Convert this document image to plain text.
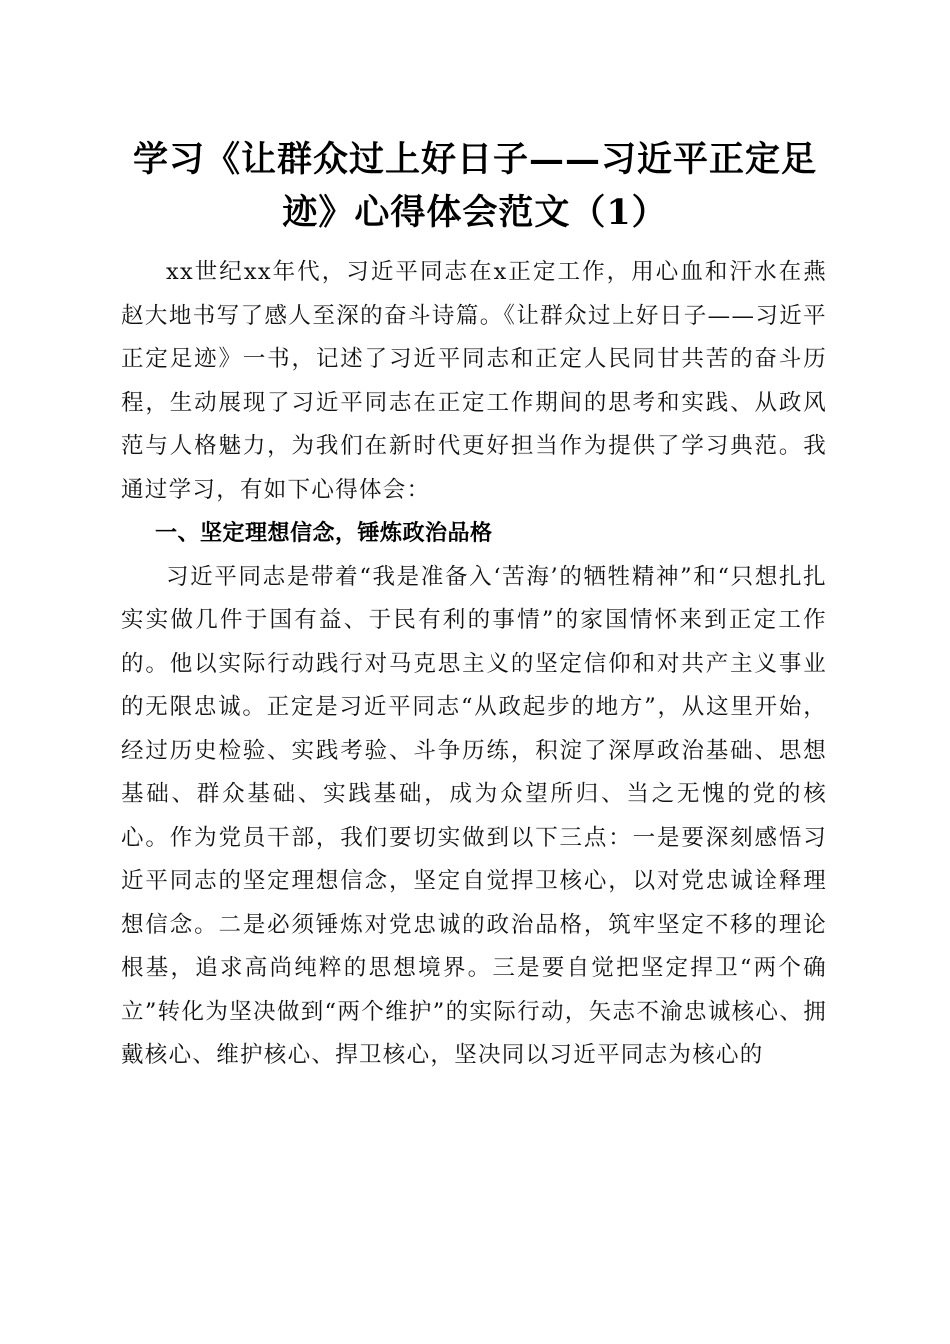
学习《让群众过上好日子——习近平正定足
迹》心得体会范文（1）

xx世纪xx年代，习近平同志在x正定工作，用心血和汗水在燕赵大地书写了感人至深的奋斗诗篇。《让群众过上好日子——习近平正定足迹》一书，记述了习近平同志和正定人民同甘共苦的奋斗历程，生动展现了习近平同志在正定工作期间的思考和实践、从政风范与人格魅力，为我们在新时代更好担当作为提供了学习典范。我通过学习，有如下心得体会：

一、坚定理想信念，锤炼政治品格

习近平同志是带着“我是准备入‘苦海’的牺牲精神”和“只想扎扎实实做几件于国有益、于民有利的事情”的家国情怀来到正定工作的。他以实际行动践行对马克思主义的坚定信仰和对共产主义事业的无限忠诚。正定是习近平同志“从政起步的地方”，从这里开始，经过历史检验、实践考验、斗争历练，积淀了深厚政治基础、思想基础、群众基础、实践基础，成为众望所归、当之无愧的党的核心。作为党员干部，我们要切实做到以下三点：一是要深刻感悟习近平同志的坚定理想信念，坚定自觉捍卫核心，以对党忠诚诠释理想信念。二是必须锤炼对党忠诚的政治品格，筑牢坚定不移的理论根基，追求高尚纯粹的思想境界。三是要自觉把坚定捍卫“两个确立”转化为坚决做到“两个维护”的实际行动，矢志不渝忠诚核心、拥戴核心、维护核心、捍卫核心，坚决同以习近平同志为核心的
